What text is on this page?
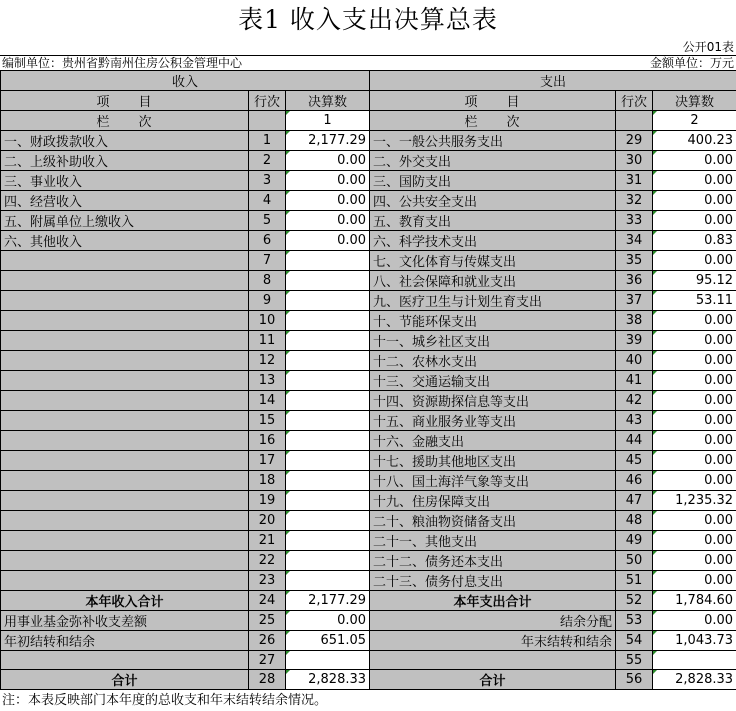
表1 收入支出决算总表
公开01表
编制单位：贵州省黔南州住房公积金管理中心	金额单位：万元
收入			支出		
项　　目	行次	决算数	项　　目	行次	决算数
栏　　次		1	栏　　次		2
一、财政拨款收入	1	2,177.29	一、一般公共服务支出	29	400.23
二、上级补助收入	2	0.00	二、外交支出	30	0.00
三、事业收入	3	0.00	三、国防支出	31	0.00
四、经营收入	4	0.00	四、公共安全支出	32	0.00
五、附属单位上缴收入	5	0.00	五、教育支出	33	0.00
六、其他收入	6	0.00	六、科学技术支出	34	0.83
	7		七、文化体育与传媒支出	35	0.00
	8		八、社会保障和就业支出	36	95.12
	9		九、医疗卫生与计划生育支出	37	53.11
	10		十、节能环保支出	38	0.00
	11		十一、城乡社区支出	39	0.00
	12		十二、农林水支出	40	0.00
	13		十三、交通运输支出	41	0.00
	14		十四、资源勘探信息等支出	42	0.00
	15		十五、商业服务业等支出	43	0.00
	16		十六、金融支出	44	0.00
	17		十七、援助其他地区支出	45	0.00
	18		十八、国土海洋气象等支出	46	0.00
	19		十九、住房保障支出	47	1,235.32
	20		二十、粮油物资储备支出	48	0.00
	21		二十一、其他支出	49	0.00
	22		二十二、债务还本支出	50	0.00
	23		二十三、债务付息支出	51	0.00
本年收入合计	24	2,177.29	本年支出合计	52	1,784.60
用事业基金弥补收支差额	25	0.00	结余分配	53	0.00
年初结转和结余	26	651.05	年末结转和结余	54	1,043.73
	27			55	

合计	28	2,828.33	合计	56	2,828.33
注：本表反映部门本年度的总收支和年末结转结余情况。
